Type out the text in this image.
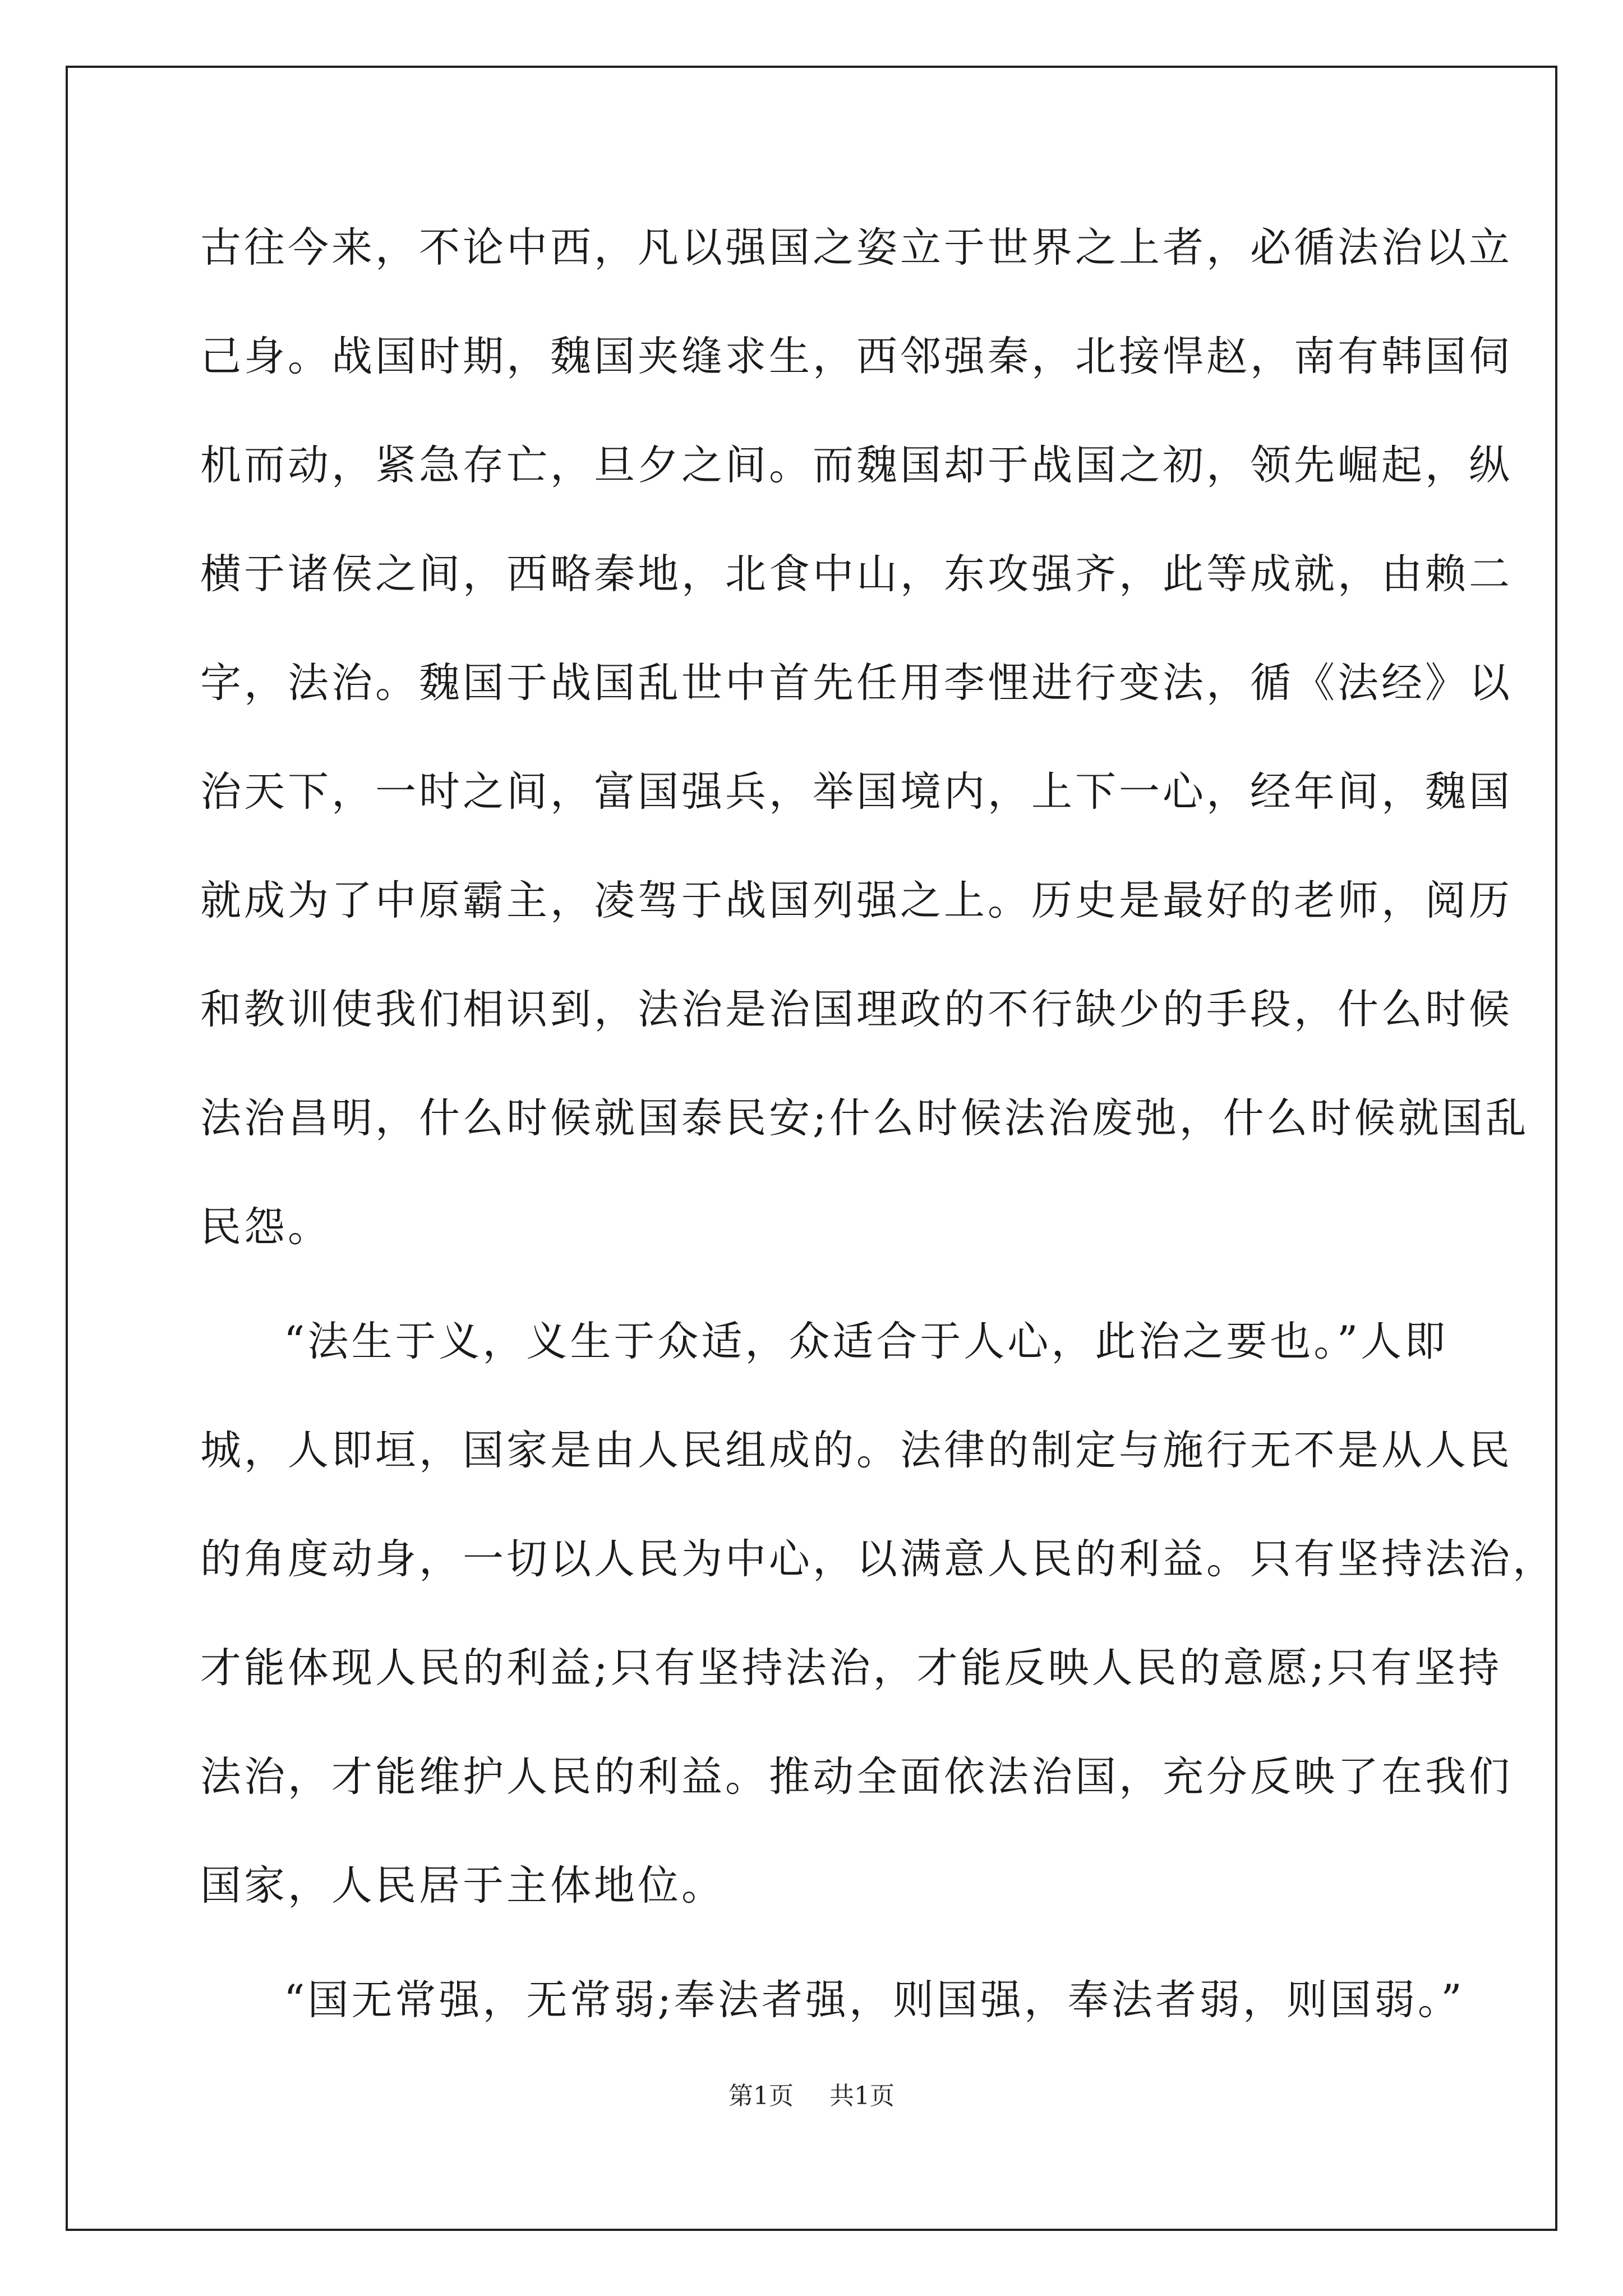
古往今来，不论中西，凡以强国之姿立于世界之上者，必循法治以立
己身。战国时期，魏国夹缝求生，西邻强秦，北接悍赵，南有韩国伺
机而动，紧急存亡，旦夕之间。而魏国却于战国之初，领先崛起，纵
横于诸侯之间，西略秦地，北食中山，东攻强齐，此等成就，由赖二
字，法治。魏国于战国乱世中首先任用李悝进行变法，循《法经》以
治天下，一时之间，富国强兵，举国境内，上下一心，经年间，魏国
就成为了中原霸主，凌驾于战国列强之上。历史是最好的老师，阅历
和教训使我们相识到，法治是治国理政的不行缺少的手段，什么时候
法治昌明，什么时候就国泰民安;什么时候法治废弛，什么时候就国乱
民怨。
“法生于义，义生于众适，众适合于人心，此治之要也。”人即
城，人即垣，国家是由人民组成的。法律的制定与施行无不是从人民
的角度动身，一切以人民为中心，以满意人民的利益。只有坚持法治，
才能体现人民的利益;只有坚持法治，才能反映人民的意愿;只有坚持
法治，才能维护人民的利益。推动全面依法治国，充分反映了在我们
国家，人民居于主体地位。
“国无常强，无常弱;奉法者强，则国强，奉法者弱，则国弱。”
第1页 共1页
